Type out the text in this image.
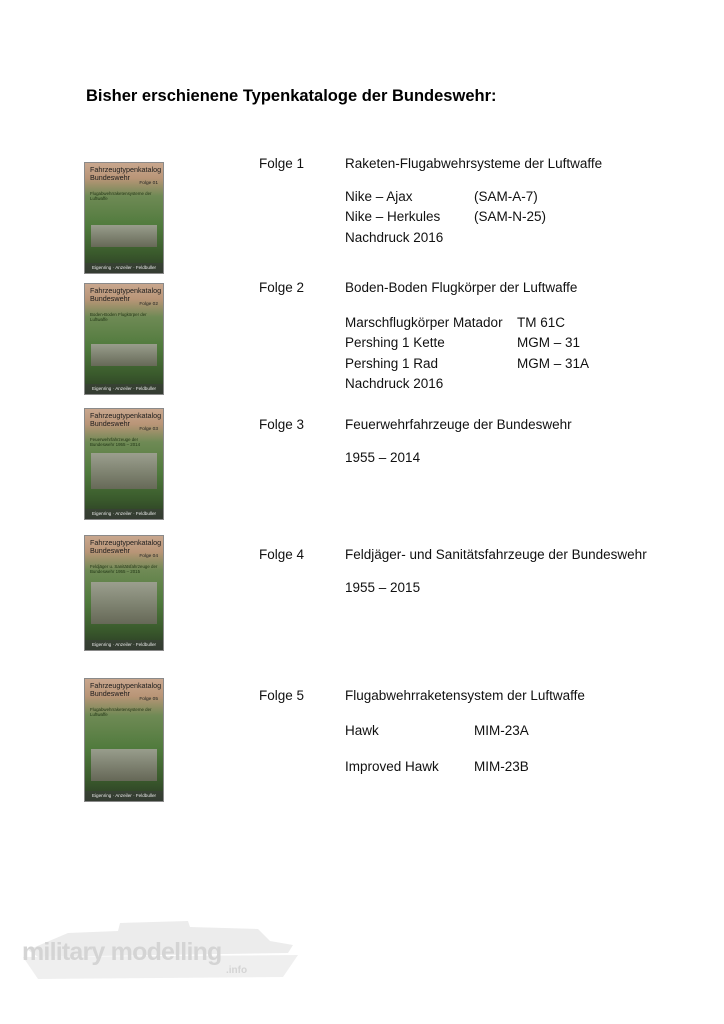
Bisher erschienene Typenkataloge der Bundeswehr:
Fahrzeugtypenkatalog
Bundeswehr
Folge 01
Flugabwehrraketensysteme der Luftwaffe
Eigenring · Anzeiler · Feldbuller
Folge 1	Raketen-Flugabwehrsysteme der Luftwaffe
Nike – Ajax	(SAM-A-7)
Nike – Herkules (SAM-N-25)
Nachdruck 2016
Fahrzeugtypenkatalog
Bundeswehr
Folge 02
Boden-Boden Flugkörper der Luftwaffe
Eigenring · Anzeiler · Feldbuller
Folge 2	Boden-Boden Flugkörper der Luftwaffe
Marschflugkörper Matador TM 61C
Pershing 1 Kette	MGM – 31
Pershing 1 Rad	MGM – 31A
Nachdruck 2016
Fahrzeugtypenkatalog
Bundeswehr
Folge 03
Feuerwehrfahrzeuge der Bundeswehr 1955 – 2014
Eigenring · Anzeiler · Feldbuller
Folge 3	Feuerwehrfahrzeuge der Bundeswehr
1955 – 2014
Fahrzeugtypenkatalog
Bundeswehr
Folge 04
Feldjäger u. Sanitätsfahrzeuge der Bundeswehr 1955 – 2015
Eigenring · Anzeiler · Feldbuller
Folge 4	Feldjäger- und Sanitätsfahrzeuge der Bundeswehr
1955 – 2015
Fahrzeugtypenkatalog
Bundeswehr
Folge 05
Flugabwehrraketensysteme der Luftwaffe
Eigenring · Anzeiler · Feldbuller
Folge 5	Flugabwehrraketensystem der Luftwaffe
Hawk	MIM-23A
Improved Hawk	MIM-23B
military modelling
.info
